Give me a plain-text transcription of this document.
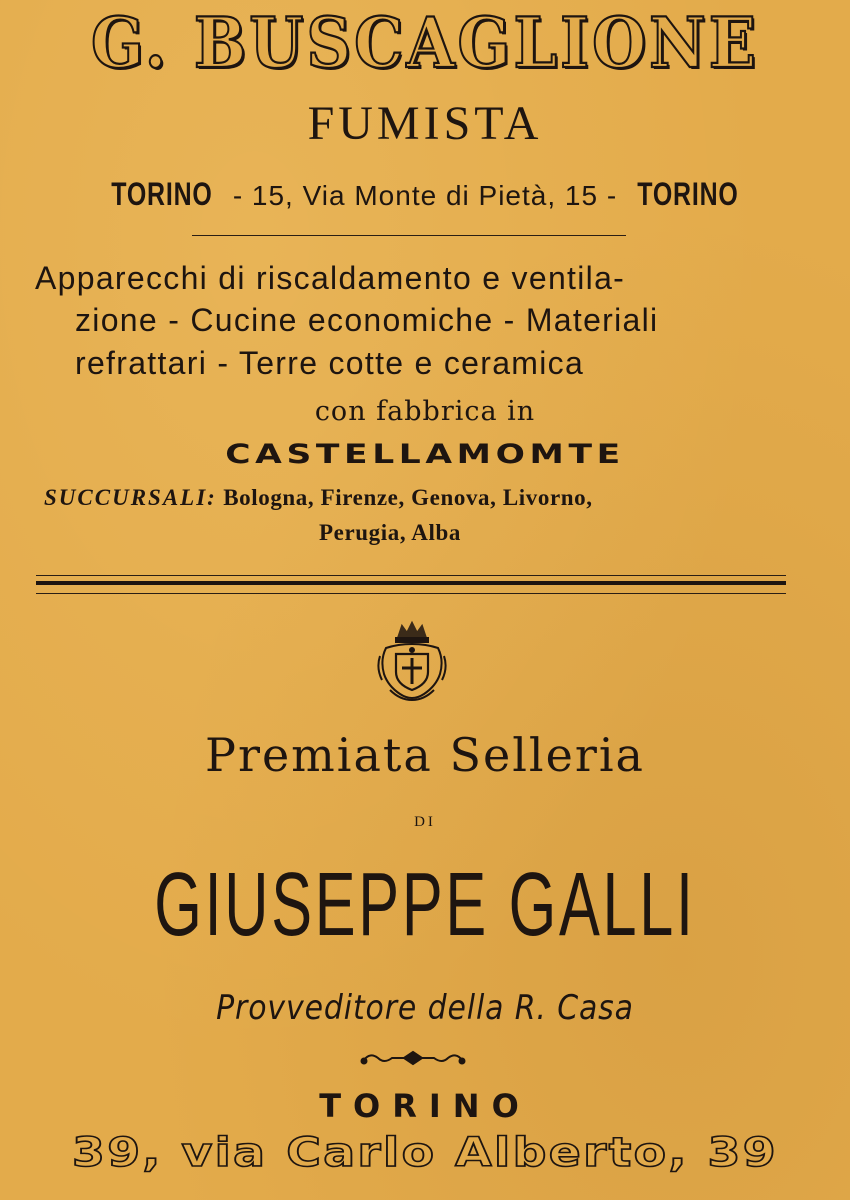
G. BUSCAGLIONE
FUMISTA
TORINO - 15, Via Monte di Pietà, 15 - TORINO
Apparecchi di riscaldamento e ventila-
zione - Cucine economiche - Materiali
refrattari - Terre cotte e ceramica
con fabbrica in
CASTELLAMOMTE
SUCCURSALI: Bologna, Firenze, Genova, Livorno,
Perugia, Alba
Premiata Selleria
DI
GIUSEPPE GALLI
Provveditore della R. Casa
TORINO
39, via Carlo Alberto, 39
